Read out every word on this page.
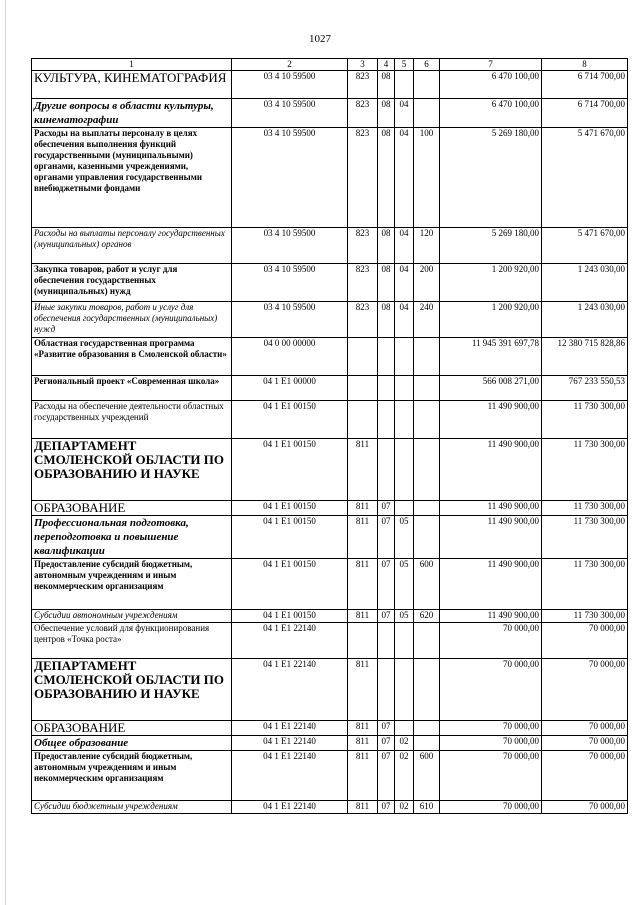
1027
1	2	3	4	5	6	7	8
КУЛЬТУРА, КИНЕМАТОГРАФИЯ	03 4 10 59500	823	08			6 470 100,00	6 714 700,00
Другие вопросы в области культуры, кинематографии	03 4 10 59500	823	08	04		6 470 100,00	6 714 700,00
Расходы на выплаты персоналу в целях обеспечения выполнения функций государственными (муниципальными) органами, казенными учреждениями, органами управления государственными внебюджетными фондами	03 4 10 59500	823	08	04	100	5 269 180,00	5 471 670,00
Расходы на выплаты персоналу государственных (муниципальных) органов	03 4 10 59500	823	08	04	120	5 269 180,00	5 471 670,00
Закупка товаров, работ и услуг для обеспечения государственных (муниципальных) нужд	03 4 10 59500	823	08	04	200	1 200 920,00	1 243 030,00
Иные закупки товаров, работ и услуг для обеспечения государственных (муниципальных) нужд	03 4 10 59500	823	08	04	240	1 200 920,00	1 243 030,00
Областная государственная программа «Развитие образования в Смоленской области»	04 0 00 00000					11 945 391 697,78	12 380 715 828,86
Региональный проект «Современная школа»	04 1 E1 00000					566 008 271,00	767 233 550,53
Расходы на обеспечение деятельности областных государственных учреждений	04 1 E1 00150					11 490 900,00	11 730 300,00
ДЕПАРТАМЕНТ СМОЛЕНСКОЙ ОБЛАСТИ ПО ОБРАЗОВАНИЮ И НАУКЕ	04 1 E1 00150	811				11 490 900,00	11 730 300,00
ОБРАЗОВАНИЕ	04 1 E1 00150	811	07			11 490 900,00	11 730 300,00
Профессиональная подготовка, переподготовка и повышение квалификации	04 1 E1 00150	811	07	05		11 490 900,00	11 730 300,00
Предоставление субсидий бюджетным, автономным учреждениям и иным некоммерческим организациям	04 1 E1 00150	811	07	05	600	11 490 900,00	11 730 300,00
Субсидии автономным учреждениям	04 1 E1 00150	811	07	05	620	11 490 900,00	11 730 300,00
Обеспечение условий для функционирования центров «Точка роста»	04 1 E1 22140					70 000,00	70 000,00
ДЕПАРТАМЕНТ СМОЛЕНСКОЙ ОБЛАСТИ ПО ОБРАЗОВАНИЮ И НАУКЕ	04 1 E1 22140	811				70 000,00	70 000,00
ОБРАЗОВАНИЕ	04 1 E1 22140	811	07			70 000,00	70 000,00
Общее образование	04 1 E1 22140	811	07	02		70 000,00	70 000,00
Предоставление субсидий бюджетным, автономным учреждениям и иным некоммерческим организациям	04 1 E1 22140	811	07	02	600	70 000,00	70 000,00
Субсидии бюджетным учреждениям	04 1 E1 22140	811	07	02	610	70 000,00	70 000,00
